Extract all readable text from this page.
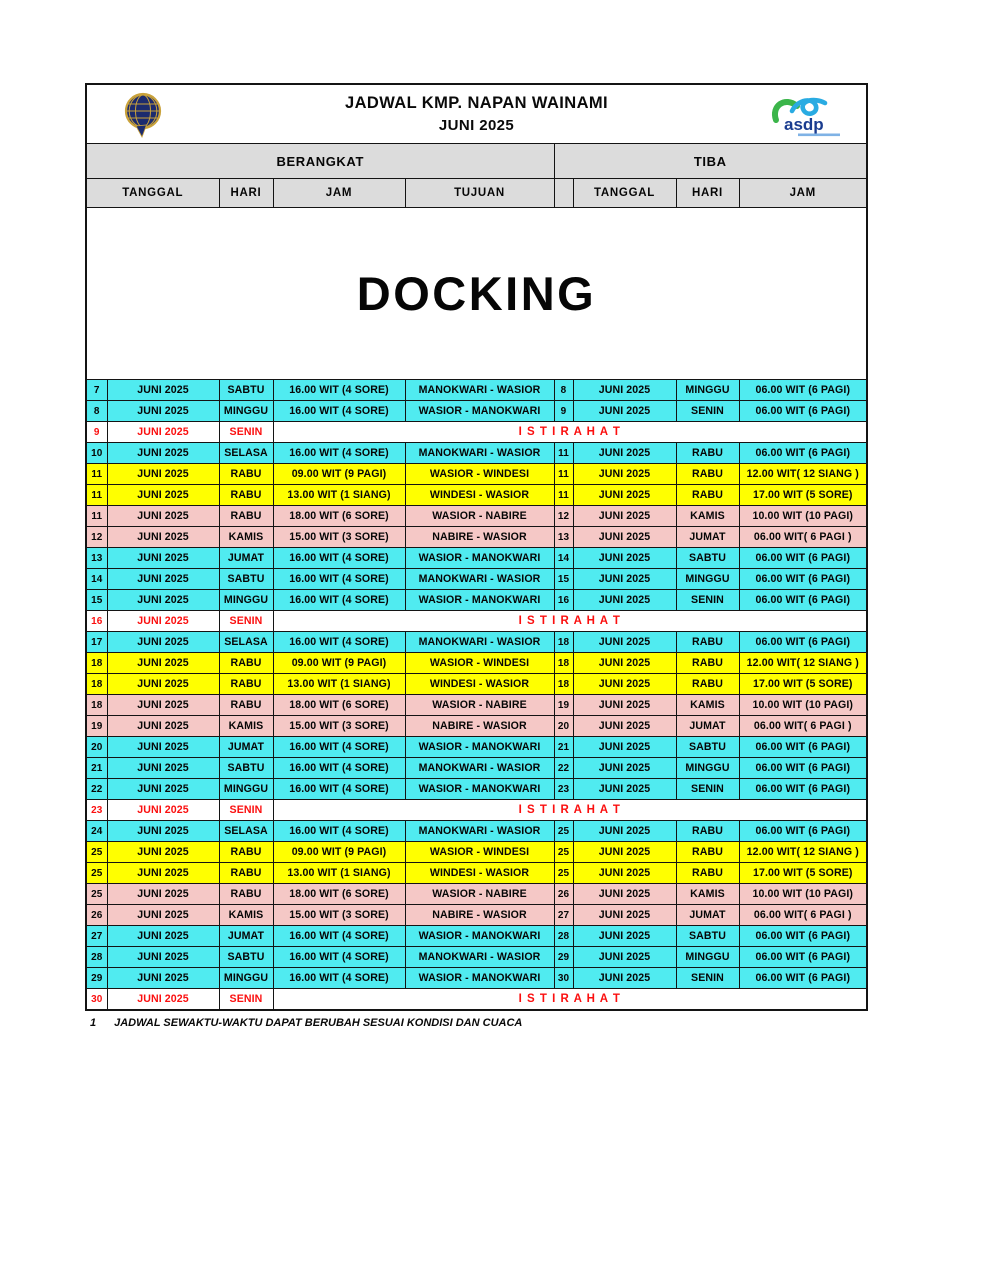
JADWAL KMP. NAPAN WAINAMI
JUNI 2025 asdp								

BERANGKAT					TIBA			
TANGGAL		HARI	JAM	TUJUAN		TANGGAL	HARI	JAM
DOCKING								
7	JUNI 2025	SABTU	16.00 WIT (4 SORE)	MANOKWARI - WASIOR	8	JUNI 2025	MINGGU	06.00 WIT (6 PAGI)
8	JUNI 2025	MINGGU	16.00 WIT (4 SORE)	WASIOR - MANOKWARI	9	JUNI 2025	SENIN	06.00 WIT (6 PAGI)
9	JUNI 2025	SENIN	I S T I R A H A T					
10	JUNI 2025	SELASA	16.00 WIT (4 SORE)	MANOKWARI - WASIOR	11	JUNI 2025	RABU	06.00 WIT (6 PAGI)
11	JUNI 2025	RABU	09.00 WIT (9 PAGI)	WASIOR - WINDESI	11	JUNI 2025	RABU	12.00 WIT( 12 SIANG )
11	JUNI 2025	RABU	13.00 WIT (1 SIANG)	WINDESI - WASIOR	11	JUNI 2025	RABU	17.00 WIT (5 SORE)
11	JUNI 2025	RABU	18.00 WIT (6 SORE)	WASIOR - NABIRE	12	JUNI 2025	KAMIS	10.00 WIT (10 PAGI)
12	JUNI 2025	KAMIS	15.00 WIT (3 SORE)	NABIRE - WASIOR	13	JUNI 2025	JUMAT	06.00 WIT( 6 PAGI )
13	JUNI 2025	JUMAT	16.00 WIT (4 SORE)	WASIOR - MANOKWARI	14	JUNI 2025	SABTU	06.00 WIT (6 PAGI)
14	JUNI 2025	SABTU	16.00 WIT (4 SORE)	MANOKWARI - WASIOR	15	JUNI 2025	MINGGU	06.00 WIT (6 PAGI)
15	JUNI 2025	MINGGU	16.00 WIT (4 SORE)	WASIOR - MANOKWARI	16	JUNI 2025	SENIN	06.00 WIT (6 PAGI)
16	JUNI 2025	SENIN	I S T I R A H A T					
17	JUNI 2025	SELASA	16.00 WIT (4 SORE)	MANOKWARI - WASIOR	18	JUNI 2025	RABU	06.00 WIT (6 PAGI)
18	JUNI 2025	RABU	09.00 WIT (9 PAGI)	WASIOR - WINDESI	18	JUNI 2025	RABU	12.00 WIT( 12 SIANG )
18	JUNI 2025	RABU	13.00 WIT (1 SIANG)	WINDESI - WASIOR	18	JUNI 2025	RABU	17.00 WIT (5 SORE)
18	JUNI 2025	RABU	18.00 WIT (6 SORE)	WASIOR - NABIRE	19	JUNI 2025	KAMIS	10.00 WIT (10 PAGI)
19	JUNI 2025	KAMIS	15.00 WIT (3 SORE)	NABIRE - WASIOR	20	JUNI 2025	JUMAT	06.00 WIT( 6 PAGI )
20	JUNI 2025	JUMAT	16.00 WIT (4 SORE)	WASIOR - MANOKWARI	21	JUNI 2025	SABTU	06.00 WIT (6 PAGI)
21	JUNI 2025	SABTU	16.00 WIT (4 SORE)	MANOKWARI - WASIOR	22	JUNI 2025	MINGGU	06.00 WIT (6 PAGI)
22	JUNI 2025	MINGGU	16.00 WIT (4 SORE)	WASIOR - MANOKWARI	23	JUNI 2025	SENIN	06.00 WIT (6 PAGI)
23	JUNI 2025	SENIN	I S T I R A H A T					
24	JUNI 2025	SELASA	16.00 WIT (4 SORE)	MANOKWARI - WASIOR	25	JUNI 2025	RABU	06.00 WIT (6 PAGI)
25	JUNI 2025	RABU	09.00 WIT (9 PAGI)	WASIOR - WINDESI	25	JUNI 2025	RABU	12.00 WIT( 12 SIANG )
25	JUNI 2025	RABU	13.00 WIT (1 SIANG)	WINDESI - WASIOR	25	JUNI 2025	RABU	17.00 WIT (5 SORE)
25	JUNI 2025	RABU	18.00 WIT (6 SORE)	WASIOR - NABIRE	26	JUNI 2025	KAMIS	10.00 WIT (10 PAGI)
26	JUNI 2025	KAMIS	15.00 WIT (3 SORE)	NABIRE - WASIOR	27	JUNI 2025	JUMAT	06.00 WIT( 6 PAGI )
27	JUNI 2025	JUMAT	16.00 WIT (4 SORE)	WASIOR - MANOKWARI	28	JUNI 2025	SABTU	06.00 WIT (6 PAGI)
28	JUNI 2025	SABTU	16.00 WIT (4 SORE)	MANOKWARI - WASIOR	29	JUNI 2025	MINGGU	06.00 WIT (6 PAGI)
29	JUNI 2025	MINGGU	16.00 WIT (4 SORE)	WASIOR - MANOKWARI	30	JUNI 2025	SENIN	06.00 WIT (6 PAGI)
30	JUNI 2025	SENIN	I S T I R A H A T					
1 JADWAL SEWAKTU-WAKTU DAPAT BERUBAH SESUAI KONDISI DAN CUACA
